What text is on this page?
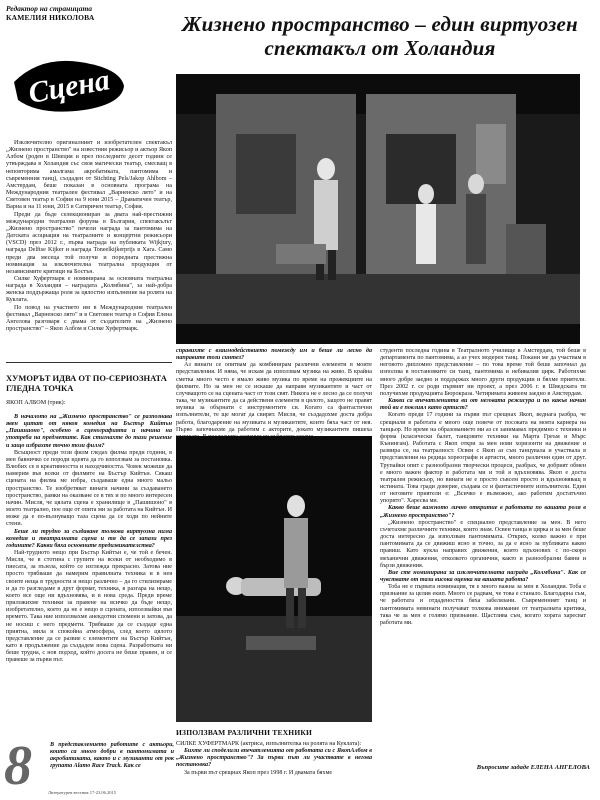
Редактор на страницата
КАМЕЛИЯ НИКОЛОВА
Сцена
Жизнено пространство – един виртуозен спектакъл от Холандия

Изключително оригиналният и изобретателен спектакъл „Жизнено пространство" на известния режисьор и актьор Якоп Албом (роден в Швеция и през последните десет години се утвърждава в Холандия със своя магически театър, смесващ в неповторима амалгама акробатиката, пантомима и съвременния танц), създаден от Stichting Pels/Jakop Ahlbom – Амстердам, беше показан в основната програма на Международния театрален фестивал „Варненско лято" и на Световен театър в София на 9 юни 2015 – Драматичен театър, Варна и на 11 юни, 2015 в Сатиричен театър, София.

Преди да бъде селекциониран за двата най-престижни международни театрални форума в България, спектакълът „Жизнено пространство" печели награда за пантомима на Датската асоциация на театралните и концертни режисьори (VSCD) през 2012 г., първа награда на публиката Wijkjury, награда Delftse Kijker и награда Toneelkijkerprijs в Хага. Само преди два месеца той получи и поредната престижна номинация за изключителна театрална продукция от независимите критици на Бостън.

Силке Хуфертмарк е номинирана за основната театрална награда в Холандия – наградата „Колмбина", за най-добра женска поддържаща роля за цялостно изпълнение на ролята на Куклата.

По повод на участието им в Международния театрален фестивал „Варненско лято" и в Световен театър в София Елена Ангелова разговаря с двама от създателите на „Жизнено пространство" – Якоп Албом и Силке Хуфертмарк.

ХУМОРЪТ ИДВА ОТ ПО-СЕРИОЗНАТА ГЛЕДНА ТОЧКА
ЯКОП АЛБОМ (трик):

В началото на „Жизнено пространство" се разпознава явен цитат от някоя комедия на Бъстър Кийтън „Пашишоно", особено в сценографията и начина на употреба на предметите. Как стигнахте до тази решение и защо избрахте точно този филм?

Всъщност преди този филм гледах филма преди години, в мен бавничко се породи идеята да го използвам за постановка. Влюбих се в креативността и находчивостта. Човек можеше да намерим във всеки от филмите на Бъстър Кийтън. Сякаш сцената на филма ме избра, създаваше една много мальо пространство. Те изобретяват винаги начини за създаването пространство, рамки на оказване се в тях и по много интересен начин. Мисля, че цялата сцена е хранилище в „Пашишоно" в моето театрално, пое още от опита ми за работата на Кийтън. И може да е по-вълнуващо таза сцена да се ходи по нейните стени.

Беше ли трудно за създаване толкова виртуозна нима комедия и театралната сцена и тя да се запази през годините? Какви бяха основните предизвикателства?

Най-трудното нещо при Бъстър Кийтън е, че той е бечен. Мисля, че в стотина с групите на всеки от необходимо в пиесата, за пъзела, който се изглежда прекрасно. Затова ние просто трябваше да намерим правилната техника и в нея своите неща в трудности и нещо различно – да го стилизираме и да го разгледаме в друг формат, техника, в разгара на нещо, което все още ни вдъхновява, и в нова среда. Преди време приложихме техники за правене на всичко да бъде нещо, изобретателно, което да не е нещо в сцената, използвайки във времето. Така ние използвахме анекдотни спомени и затова, да не носиш с него предмети. Трябваше да се създаде една приятна, мила и спокойна атмосфера, след което цялото представление да се развие с елементите на Бъстър Кийтън, като в продължение да създадем нова сцена. Разработката ни беше трудна, с нов подход, който досега не беше правен, и се правеше за първи път.

справихте с взаимодействието помежду им и беше ли лесно да направите този синтез?

Аз винаги се опитвам да комбинирам различни елементи в моите представления. И няма, че искам да използвам музика на живо. В крайна сметка много често е имало живо музика по време на прожекциите на филмите. Но за мен не се искаше да направя музикантите и част от случващото се на сцената част от този свят. Никога не е лесно да се получи така, че музикантите да са действени елементи в цялото, защото не правят музика за обърнати с инструментите си. Когато са фантастични изпълнители, те ще могат да свирят. Мисля, че създадохме доста добра работа, благодарение на музиката и музикантите, които бяха част от нея. Първо започнахме да работим с акторите, докато музикантите пишеха

студенти последна година в Театралното училище в Амстердам, той беше в департамента по пантомима, а аз учех модерен танц. Покани ме да участвам в неговото дипломно представление – по това време той беше започнал да използва в постановките си танц, пантомима и небивалия цирк. Работихме много добре заедно и поддържах много други продукции и бяхме приятели. През 2002 г. се роди първият ни проект, а през 2006 г. в Шведската тв получихме продукцията Бюрокраза. Четиримата живеем заедно в Амстердам.

Какви са впечатленията ви от неговата режисура и по какъв начин той ви е повлиял като артист?

Когато преди 17 години за първи път срещнах Якоп, веднага разбра, че срещнали в работата е много още повече от посоката на моята кариера на танцьор. Но време на образованието ми аз се занимавах предимно с техники и форма (класически балет, танцовите техники на Марта Греъм и Мърс Кънингам). Работата с Якоп откри за мен нови хоризонти на движение и развира се, на театралност. Освен с Якоп аз съм танцувала и участвала в представления на редица хореографи и артисти, много различни един от друг. Трупайки опит с разнообразни творчески процеси, разбрах, че добрият обмен е много важен фактор в работата ми и той я вдъхновява. Якоп е доста театрален режисьор, но винаги не е просто съвсем просто и вдъхновяващ в истината. Това гради доверие, създава се и фантастичните изпълнители. Един от неговите приятели е: „Всичко е възможно, ако работим достатъчно упорито". Харесва ми.

Какво беше важното лично откритие в работата по вашата роля в „Жизнено пространство"?

„Жизнено пространство" е специално представление за мен. В него съчетахме различните техники, които знам. Освен танца и цирка и за мен беше доста интересно да използвам пантомимата. Открих, колко важно е при пантомимата да се движиш ясно и точно, за да е ясно за публиката какво правиш. Като кукла направих движения, които вдъхнових с по-скоро механични движения, отколкото органични, както и разнообразни бавни и бързи движения.

Вие сте номинирана за изключителната награда „Колмбина". Как се чувствате от тази висока оценка на вашата работа?

Тоба не е първата номинация, тя е много важна за мен в Холандия. Тоба е признание за целия екип. Много се радвам, че това е станало. Благодарна съм, че работата и отдадеността бяха забелязани. Съвременният танц и пантомимата невинаги получават толкова внимание от театралната критика, така че за мен е голямо признание. Щастлива съм, когато хората харесват работата ми.

Въпросите зададе ЕЛЕНА АНГЕЛОВА
ИЗПОЛЗВАМ РАЗЛИЧНИ ТЕХНИКИ

СИЛКЕ ХУФЕРТМАРК (актриса, изпълнителка на ролята на Куклата):

Бихте ли споделили впечатленията от работата си с ЯкопАлбом в „Жизнено пространство"? За първи път ли участвате в негова постановка?

За първи път срещнах Якоп през 1998 г. И двамата бяхме

В представлението работите с актьори, които са много добри в пантомимата и акробатиката, както и с музиканти от рок групата Alamo Race Track. Как се
8	Литературен вестник 17-23.06.2015
